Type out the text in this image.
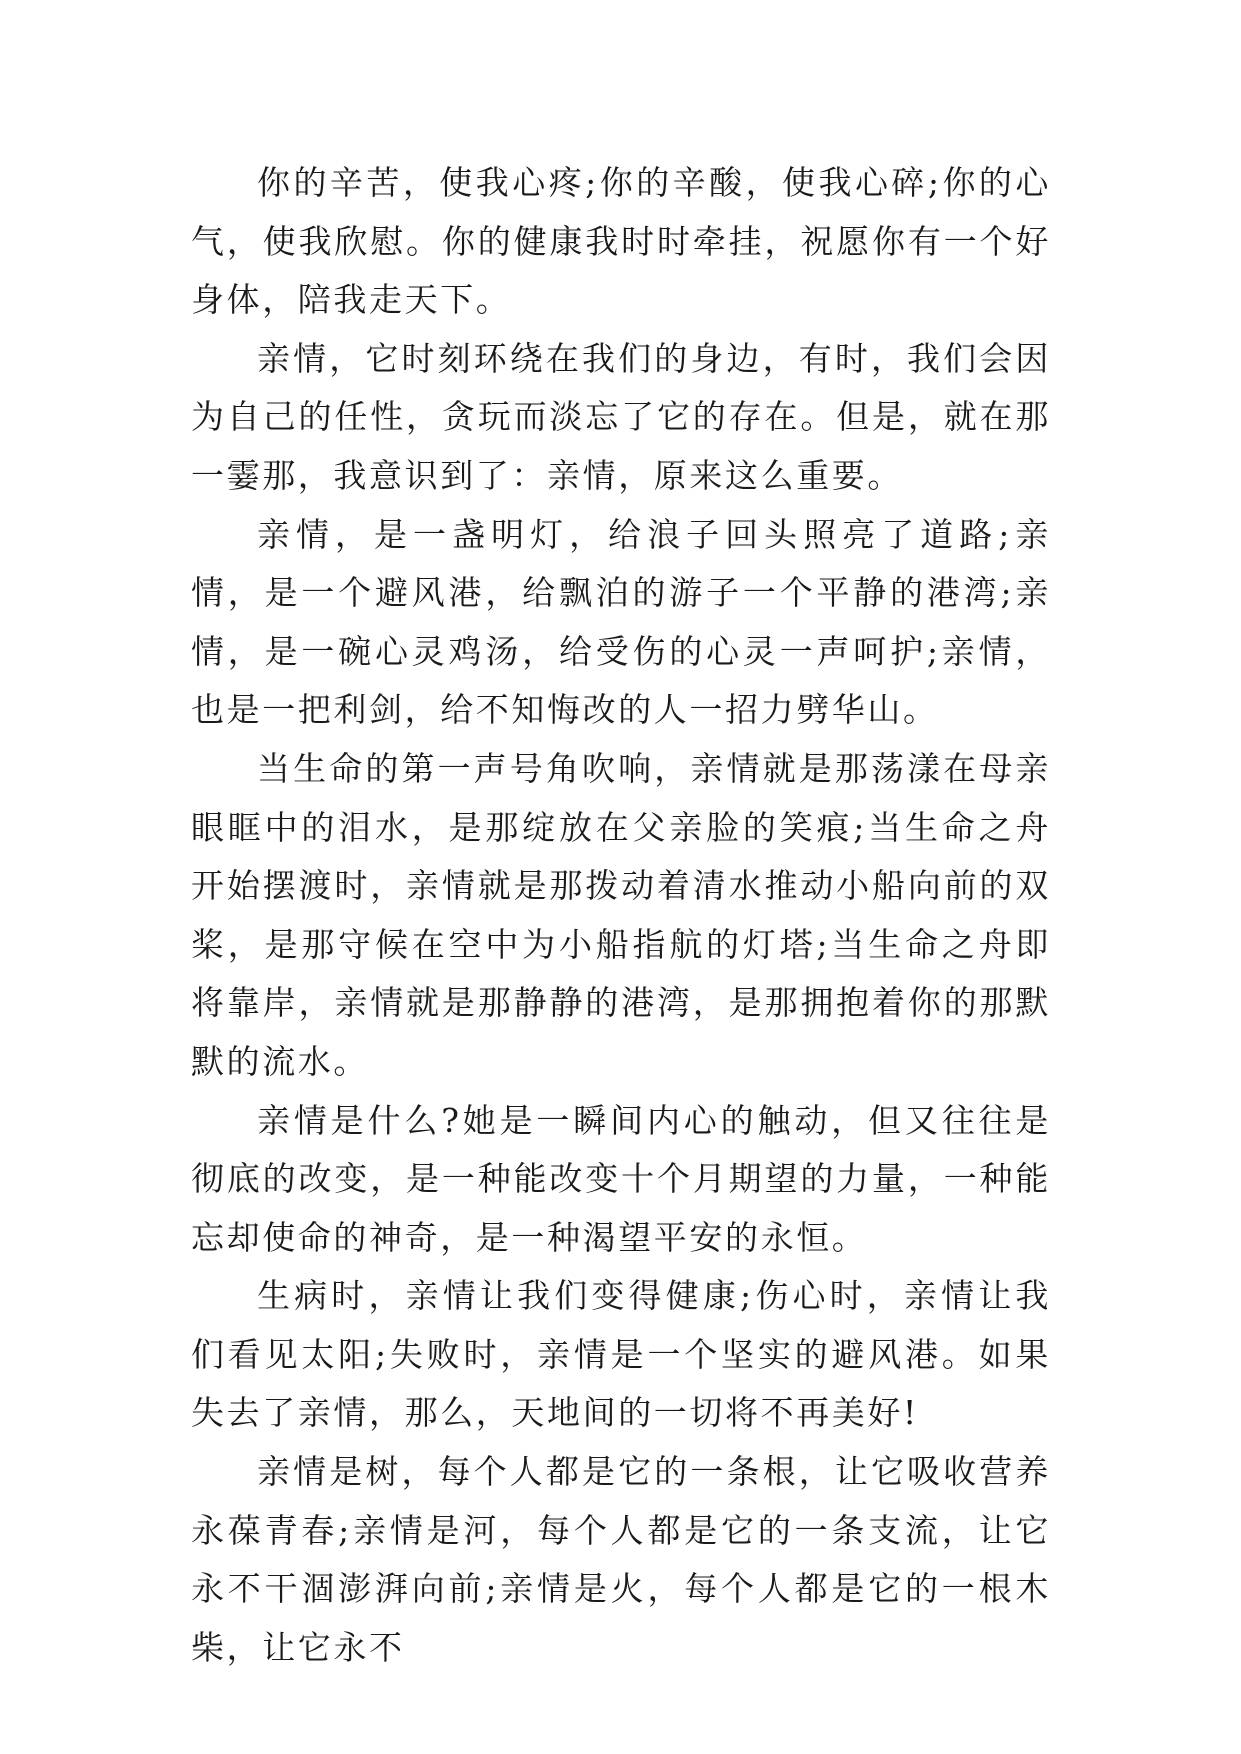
你的辛苦，使我心疼;你的辛酸，使我心碎;你的心气，使我欣慰。你的健康我时时牵挂，祝愿你有一个好身体，陪我走天下。

亲情，它时刻环绕在我们的身边，有时，我们会因为自己的任性，贪玩而淡忘了它的存在。但是，就在那一霎那，我意识到了：亲情，原来这么重要。

亲情，是一盏明灯，给浪子回头照亮了道路;亲情，是一个避风港，给飘泊的游子一个平静的港湾;亲情，是一碗心灵鸡汤，给受伤的心灵一声呵护;亲情，也是一把利剑，给不知悔改的人一招力劈华山。

当生命的第一声号角吹响，亲情就是那荡漾在母亲眼眶中的泪水，是那绽放在父亲脸的笑痕;当生命之舟开始摆渡时，亲情就是那拨动着清水推动小船向前的双桨，是那守候在空中为小船指航的灯塔;当生命之舟即将靠岸，亲情就是那静静的港湾，是那拥抱着你的那默默的流水。

亲情是什么?她是一瞬间内心的触动，但又往往是彻底的改变，是一种能改变十个月期望的力量，一种能忘却使命的神奇，是一种渴望平安的永恒。

生病时，亲情让我们变得健康;伤心时，亲情让我们看见太阳;失败时，亲情是一个坚实的避风港。如果失去了亲情，那么，天地间的一切将不再美好!

亲情是树，每个人都是它的一条根，让它吸收营养永葆青春;亲情是河，每个人都是它的一条支流，让它永不干涸澎湃向前;亲情是火，每个人都是它的一根木柴，让它永不
